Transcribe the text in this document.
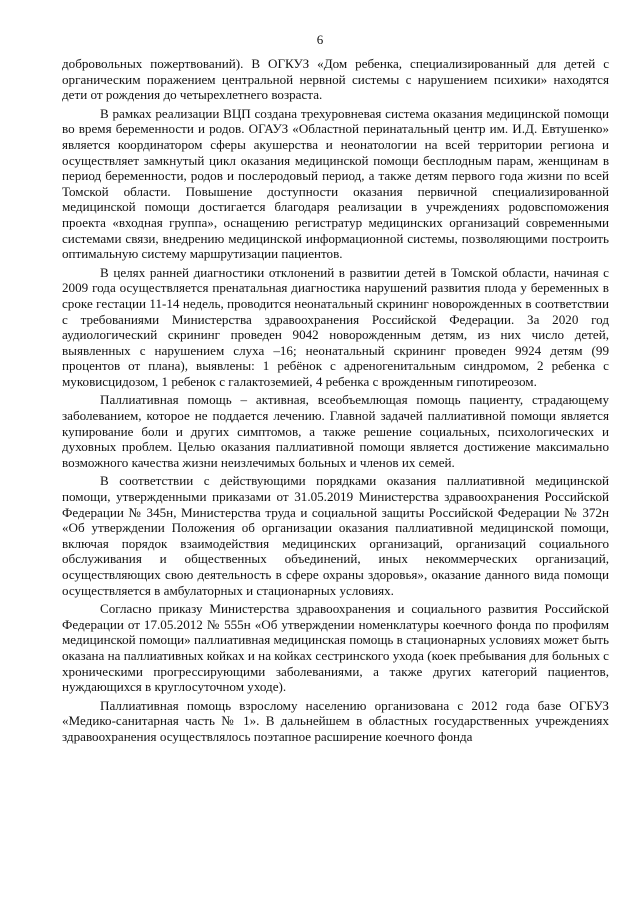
6

добровольных пожертвований). В ОГКУЗ «Дом ребенка, специализированный для детей с органическим поражением центральной нервной системы с нарушением психики» находятся дети от рождения до четырехлетнего возраста.

В рамках реализации ВЦП создана трехуровневая система оказания медицинской помощи во время беременности и родов. ОГАУЗ «Областной перинатальный центр им. И.Д. Евтушенко» является координатором сферы акушерства и неонатологии на всей территории региона и осуществляет замкнутый цикл оказания медицинской помощи бесплодным парам, женщинам в период беременности, родов и послеродовый период, а также детям первого года жизни по всей Томской области. Повышение доступности оказания первичной специализированной медицинской помощи достигается благодаря реализации в учреждениях родовспоможения проекта «входная группа», оснащению регистратур медицинских организаций современными системами связи, внедрению медицинской информационной системы, позволяющими построить оптимальную систему маршрутизации пациентов.

В целях ранней диагностики отклонений в развитии детей в Томской области, начиная с 2009 года осуществляется пренатальная диагностика нарушений развития плода у беременных в сроке гестации 11-14 недель, проводится неонатальный скрининг новорожденных в соответствии с требованиями Министерства здравоохранения Российской Федерации. За 2020 год аудиологический скрининг проведен 9042 новорожденным детям, из них число детей, выявленных с нарушением слуха –16; неонатальный скрининг проведен 9924 детям (99 процентов от плана), выявлены: 1 ребёнок с адреногенитальным синдромом, 2 ребенка с муковисцидозом, 1 ребенок с галактоземией, 4 ребенка с врожденным гипотиреозом.

Паллиативная помощь – активная, всеобъемлющая помощь пациенту, страдающему заболеванием, которое не поддается лечению. Главной задачей паллиативной помощи является купирование боли и других симптомов, а также решение социальных, психологических и духовных проблем. Целью оказания паллиативной помощи является достижение максимально возможного качества жизни неизлечимых больных и членов их семей.

В соответствии с действующими порядками оказания паллиативной медицинской помощи, утвержденными приказами от 31.05.2019 Министерства здравоохранения Российской Федерации № 345н, Министерства труда и социальной защиты Российской Федерации № 372н «Об утверждении Положения об организации оказания паллиативной медицинской помощи, включая порядок взаимодействия медицинских организаций, организаций социального обслуживания и общественных объединений, иных некоммерческих организаций, осуществляющих свою деятельность в сфере охраны здоровья», оказание данного вида помощи осуществляется в амбулаторных и стационарных условиях.

Согласно приказу Министерства здравоохранения и социального развития Российской Федерации от 17.05.2012 № 555н «Об утверждении номенклатуры коечного фонда по профилям медицинской помощи» паллиативная медицинская помощь в стационарных условиях может быть оказана на паллиативных койках и на койках сестринского ухода (коек пребывания для больных с хроническими прогрессирующими заболеваниями, а также других категорий пациентов, нуждающихся в круглосуточном уходе).

Паллиативная помощь взрослому населению организована с 2012 года базе ОГБУЗ «Медико-санитарная часть № 1». В дальнейшем в областных государственных учреждениях здравоохранения осуществлялось поэтапное расширение коечного фонда
